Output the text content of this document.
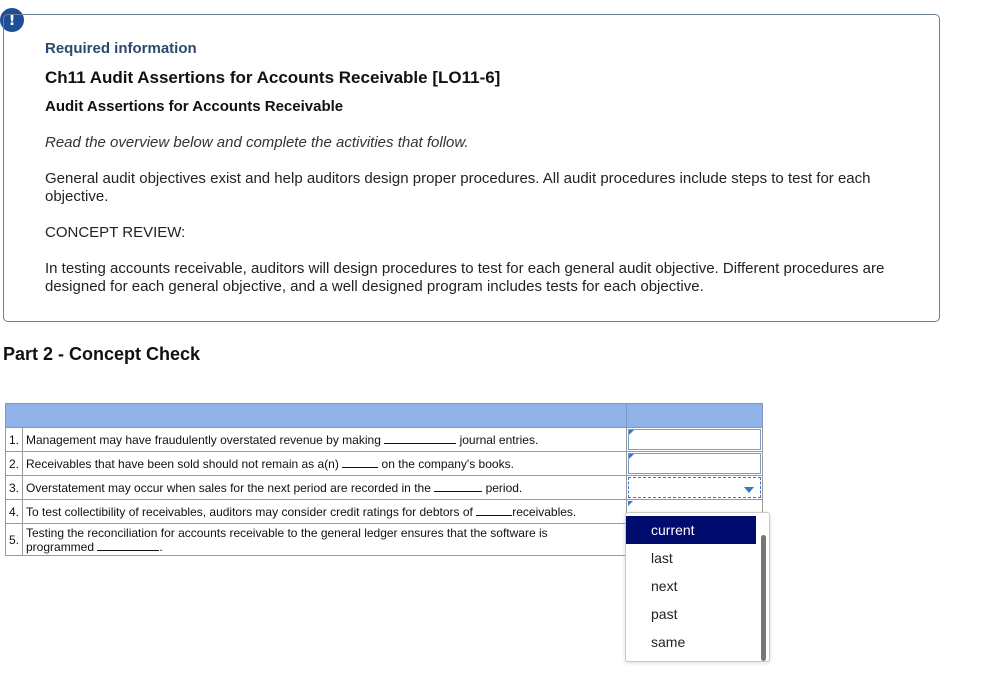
!
Required information
Ch11 Audit Assertions for Accounts Receivable [LO11-6]
Audit Assertions for Accounts Receivable
Read the overview below and complete the activities that follow.
General audit objectives exist and help auditors design proper procedures. All audit procedures include steps to test for each objective.
CONCEPT REVIEW:
In testing accounts receivable, auditors will design procedures to test for each general audit objective. Different procedures are designed for each general objective, and a well designed program includes tests for each objective.
Part 2 - Concept Check

1.	Management may have fraudulently overstated revenue by making journal entries.	

2.	Receivables that have been sold should not remain as a(n) on the company's books.	

3.	Overstatement may occur when sales for the next period are recorded in the period.	

4.	To test collectibility of receivables, auditors may consider credit ratings for debtors of receivables.	

5.	Testing the reconciliation for accounts receivable to the general ledger ensures that the software is
programmed .	
current
last
next
past
same
